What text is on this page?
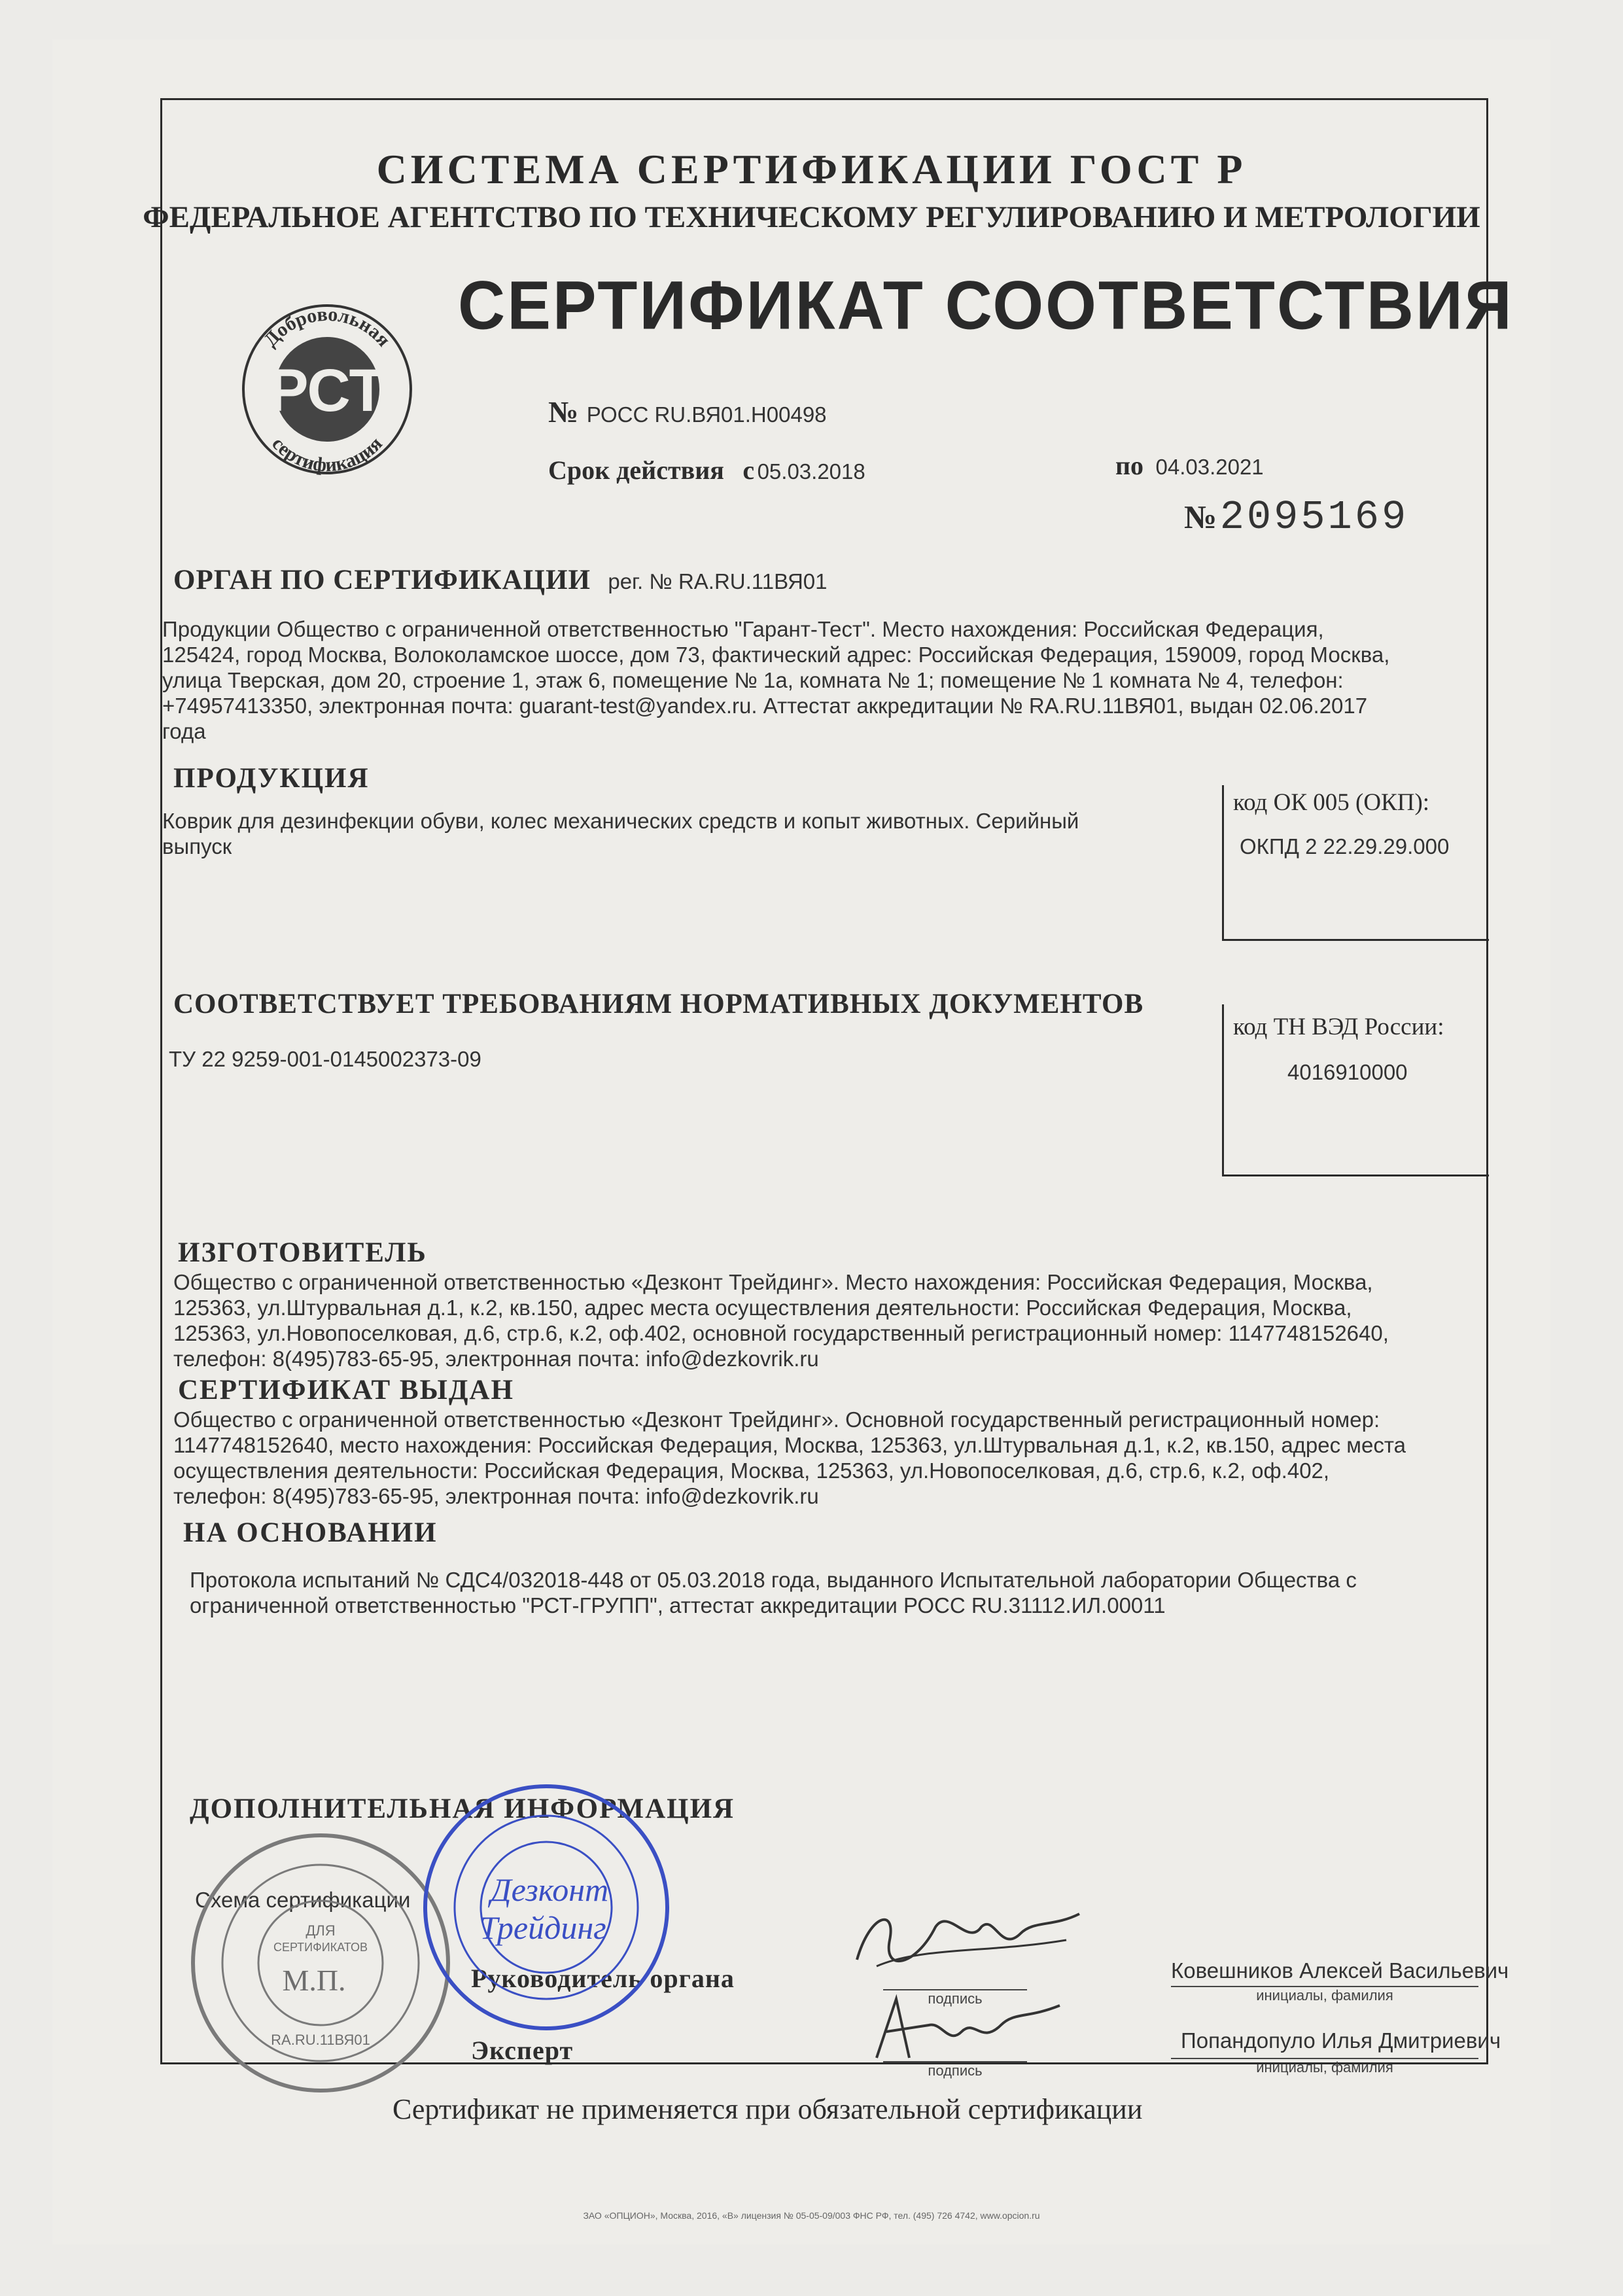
СИСТЕМА СЕРТИФИКАЦИИ ГОСТ Р
ФЕДЕРАЛЬНОЕ АГЕНТСТВО ПО ТЕХНИЧЕСКОМУ РЕГУЛИРОВАНИЮ И МЕТРОЛОГИИ
Добровольная
сертификация
РСТ
СЕРТИФИКАТ СООТВЕТСТВИЯ
№ РОСС RU.ВЯ01.Н00498
Срок действия с 05.03.2018	по 04.03.2021
№ 2095169
ОРГАН ПО СЕРТИФИКАЦИИ рег. № RA.RU.11ВЯ01
Продукции Общество с ограниченной ответственностью "Гарант-Тест". Место нахождения: Российская Федерация,
125424, город Москва, Волоколамское шоссе, дом 73, фактический адрес: Российская Федерация, 159009, город Москва,
улица Тверская, дом 20, строение 1, этаж 6, помещение № 1а, комната № 1; помещение № 1 комната № 4, телефон:
+74957413350, электронная почта: guarant-test@yandex.ru. Аттестат аккредитации № RA.RU.11ВЯ01, выдан 02.06.2017
года
ПРОДУКЦИЯ
Коврик для дезинфекции обуви, колес механических средств и копыт животных. Серийный
выпуск
код ОК 005 (ОКП):
ОКПД 2 22.29.29.000
СООТВЕТСТВУЕТ ТРЕБОВАНИЯМ НОРМАТИВНЫХ ДОКУМЕНТОВ
ТУ 22 9259-001-0145002373-09
код ТН ВЭД России:
4016910000
ИЗГОТОВИТЕЛЬ
Общество с ограниченной ответственностью «Дезконт Трейдинг». Место нахождения: Российская Федерация, Москва,
125363, ул.Штурвальная д.1, к.2, кв.150, адрес места осуществления деятельности: Российская Федерация, Москва,
125363, ул.Новопоселковая, д.6, стр.6, к.2, оф.402, основной государственный регистрационный номер: 1147748152640,
телефон: 8(495)783-65-95, электронная почта: info@dezkovrik.ru
СЕРТИФИКАТ ВЫДАН
Общество с ограниченной ответственностью «Дезконт Трейдинг». Основной государственный регистрационный номер:
1147748152640, место нахождения: Российская Федерация, Москва, 125363, ул.Штурвальная д.1, к.2, кв.150, адрес места
осуществления деятельности: Российская Федерация, Москва, 125363, ул.Новопоселковая, д.6, стр.6, к.2, оф.402,
телефон: 8(495)783-65-95, электронная почта: info@dezkovrik.ru
НА ОСНОВАНИИ
Протокола испытаний № СДС4/032018-448 от 05.03.2018 года, выданного Испытательной лаборатории Общества с
ограниченной ответственностью "РСТ-ГРУПП", аттестат аккредитации РОСС RU.31112.ИЛ.00011
ДОПОЛНИТЕЛЬНАЯ ИНФОРМАЦИЯ
Схема сертификации
Руководитель органа
Эксперт
подпись
подпись
Ковешников Алексей Васильевич
инициалы, фамилия
Попандопуло Илья Дмитриевич
инициалы, фамилия
ДЛЯ
СЕРТИФИКАТОВ
М.П.
RA.RU.11ВЯ01
Дезконт
Трейдинг
Сертификат не применяется при обязательной сертификации
ЗАО «ОПЦИОН», Москва, 2016, «В» лицензия № 05-05-09/003 ФНС РФ, тел. (495) 726 4742, www.opcion.ru
